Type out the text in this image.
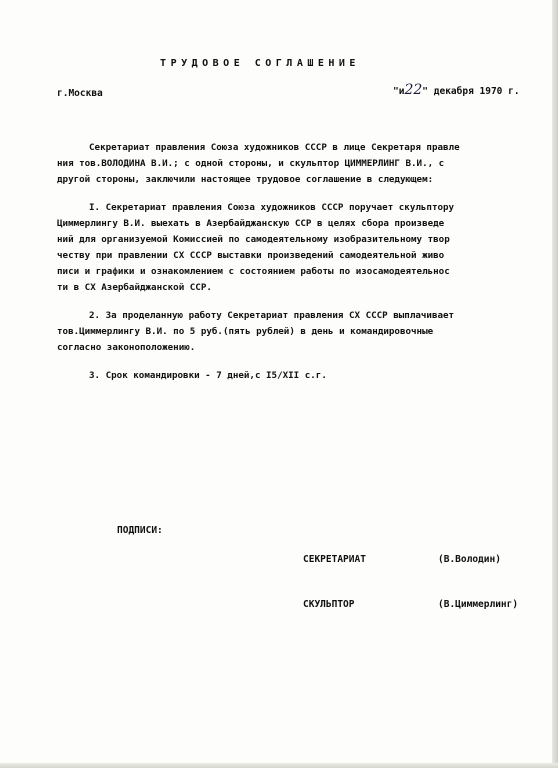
ТРУДОВОЕ СОГЛАШЕНИЕ
г.Москва	"и22" декабря 1970 г.
Секретариат правления Союза художников СССР в лице Секретаря правле
ния тов.ВОЛОДИНА В.И.; с одной стороны, и скульптор ЦИММЕРЛИНГ В.И., с
другой стороны, заключили настоящее трудовое соглашение в следующем:
I. Секретариат правления Союза художников СССР поручает скульптору
Циммерлингу В.И. выехать в Азербайджанскую ССР в целях сбора произведе
ний для организуемой Комиссией по самодеятельному изобразительному твор
честву при правлении СХ СССР выставки произведений самодеятельной живо
писи и графики и ознакомлением с состоянием работы по изосамодеятельнос
ти в СХ Азербайджанской ССР.
2. За проделанную работу Секретариат правления СХ СССР выплачивает
тов.Циммерлингу В.И. по 5 руб.(пять рублей) в день и командировочные
согласно законоположению.
3. Срок командировки - 7 дней,с I5/XII с.г.
ПОДПИСИ:
СЕКРЕТАРИАТ	(В.Володин)
СКУЛЬПТОР	(В.Циммерлинг)
